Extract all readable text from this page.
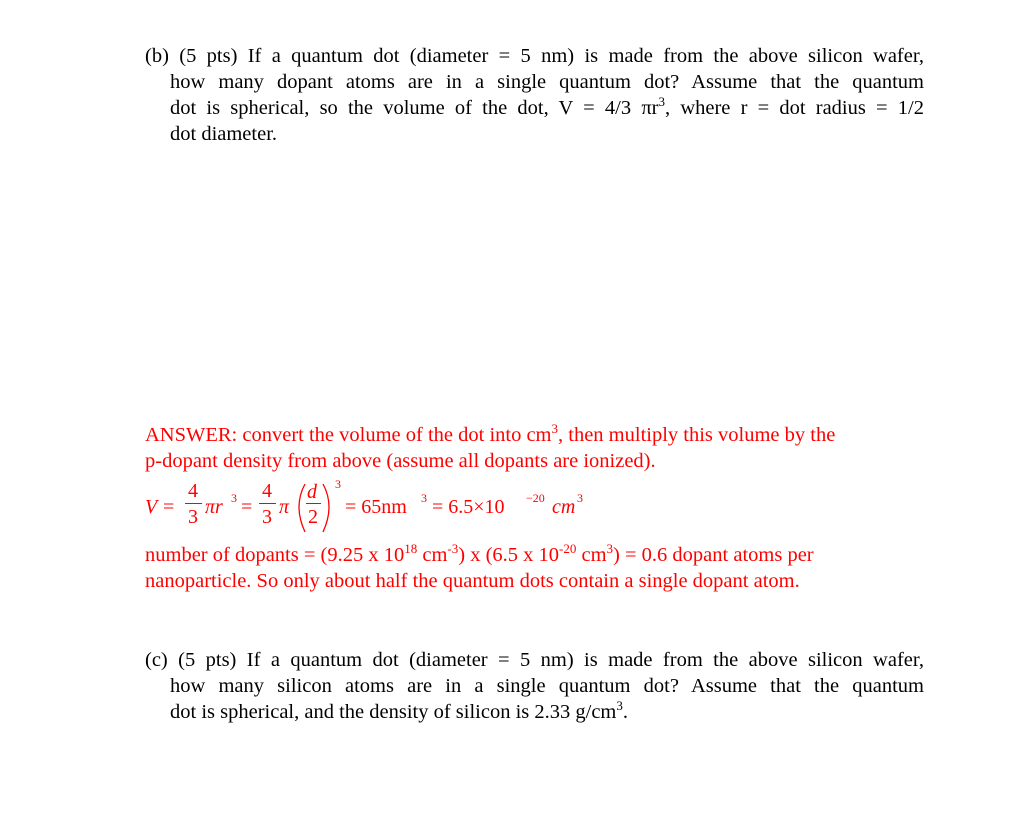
(b) (5 pts) If a quantum dot (diameter = 5 nm) is made from the above silicon wafer,
how many dopant atoms are in a single quantum dot? Assume that the quantum
dot is spherical, so the volume of the dot, V = 4/3 $\pi r^3$, where r = dot radius = 1/2
dot diameter.
ANSWER: convert the volume of the dot into $cm^3$, then multiply this volume by the
p-dopant density from above (assume all dopants are ionized).
V =
4
3 πr 3 =
4
3 π
d
2
3
= 65nm 3 = 6.5×10 −20 cm 3
number of dopants = (9.25 x $10^{18}$ $cm^{-3}$) x (6.5 x $10^{-20}$ $cm^3) = 0.6$ dopant atoms per
nanoparticle. So only about half the quantum dots contain a single dopant atom.
(c) (5 pts) If a quantum dot (diameter = 5 nm) is made from the above silicon wafer,
how many silicon atoms are in a single quantum dot? Assume that the quantum
dot is spherical, and the density of silicon is 2.33 $g/cm^3$.
